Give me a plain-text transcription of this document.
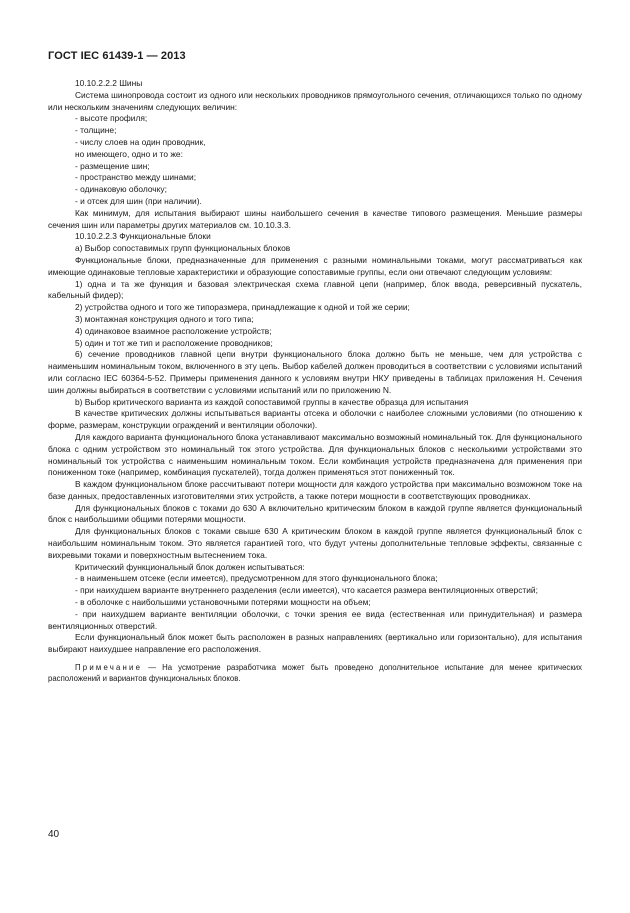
ГОСТ IEC 61439-1 — 2013

10.10.2.2.2 Шины

Система шинопровода состоит из одного или нескольких проводников прямоугольного сечения, отличающихся только по одному или нескольким значениям следующих величин:

- высоте профиля;

- толщине;

- числу слоев на один проводник,

но имеющего, одно и то же:

- размещение шин;

- пространство между шинами;

- одинаковую оболочку;

- и отсек для шин (при наличии).

Как минимум, для испытания выбирают шины наибольшего сечения в качестве типового размещения. Меньшие размеры сечения шин или параметры других материалов см. 10.10.3.3.

10.10.2.2.3 Функциональные блоки

а) Выбор сопоставимых групп функциональных блоков

Функциональные блоки, предназначенные для применения с разными номинальными токами, могут рассматриваться как имеющие одинаковые тепловые характеристики и образующие сопоставимые группы, если они отвечают следующим условиям:

1) одна и та же функция и базовая электрическая схема главной цепи (например, блок ввода, реверсивный пускатель, кабельный фидер);

2) устройства одного и того же типоразмера, принадлежащие к одной и той же серии;

3) монтажная конструкция одного и того типа;

4) одинаковое взаимное расположение устройств;

5) один и тот же тип и расположение проводников;

6) сечение проводников главной цепи внутри функционального блока должно быть не меньше, чем для устройства с наименьшим номинальным током, включенного в эту цепь. Выбор кабелей должен проводиться в соответствии с условиями испытаний или согласно IEC 60364-5-52. Примеры применения данного к условиям внутри НКУ приведены в таблицах приложения Н. Сечения шин должны выбираться в соответствии с условиями испытаний или по приложению N.

b) Выбор критического варианта из каждой сопоставимой группы в качестве образца для испытания

В качестве критических должны испытываться варианты отсека и оболочки с наиболее сложными условиями (по отношению к форме, размерам, конструкции ограждений и вентиляции оболочки).

Для каждого варианта функционального блока устанавливают максимально возможный номинальный ток. Для функционального блока с одним устройством это номинальный ток этого устройства. Для функциональных блоков с несколькими устройствами это номинальный ток устройства с наименьшим номинальным током. Если комбинация устройств предназначена для применения при пониженном токе (например, комбинация пускателей), тогда должен применяться этот пониженный ток.

В каждом функциональном блоке рассчитывают потери мощности для каждого устройства при максимально возможном токе на базе данных, предоставленных изготовителями этих устройств, а также потери мощности в соответствующих проводниках.

Для функциональных блоков с токами до 630 А включительно критическим блоком в каждой группе является функциональный блок с наибольшими общими потерями мощности.

Для функциональных блоков с токами свыше 630 А критическим блоком в каждой группе является функциональный блок с наибольшим номинальным током. Это является гарантией того, что будут учтены дополнительные тепловые эффекты, связанные с вихревыми токами и поверхностным вытеснением тока.

Критический функциональный блок должен испытываться:

- в наименьшем отсеке (если имеется), предусмотренном для этого функционального блока;

- при наихудшем варианте внутреннего разделения (если имеется), что касается размера вентиляционных отверстий;

- в оболочке с наибольшими установочными потерями мощности на объем;

- при наихудшем варианте вентиляции оболочки, с точки зрения ее вида (естественная или принудительная) и размера вентиляционных отверстий.

Если функциональный блок может быть расположен в разных направлениях (вертикально или горизонтально), для испытания выбирают наихудшее направление его расположения.

Примечание — На усмотрение разработчика может быть проведено дополнительное испытание для менее критических расположений и вариантов функциональных блоков.

40
